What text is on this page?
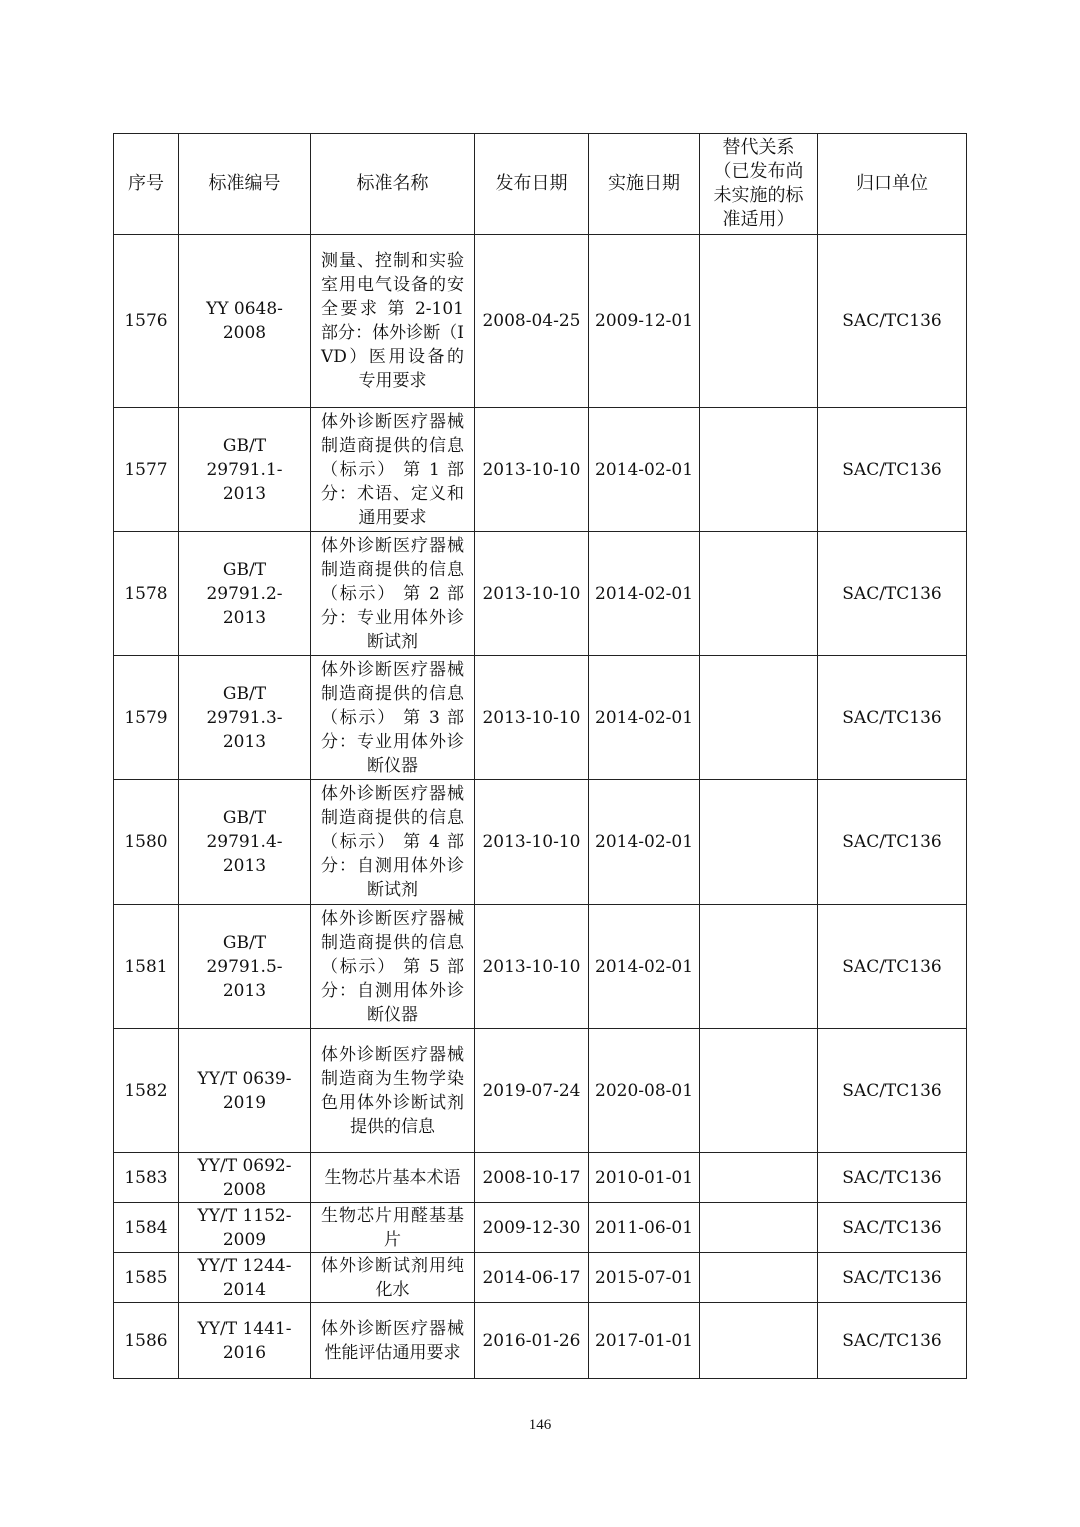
序号	标准编号	标准名称	发布日期	实施日期	替代关系（已发布尚未实施的标准适用）	归口单位
1576	YY 0648-2008	测量、控制和实验室用电气设备的安全要求 第 2-101 部分：体外诊断（IVD）医用设备的专用要求	2008-04-25	2009-12-01		SAC/TC136
1577	GB/T 29791.1-2013	体外诊断医疗器械 制造商提供的信息（标示） 第 1 部分：术语、定义和通用要求	2013-10-10	2014-02-01		SAC/TC136
1578	GB/T 29791.2-2013	体外诊断医疗器械 制造商提供的信息（标示） 第 2 部分：专业用体外诊断试剂	2013-10-10	2014-02-01		SAC/TC136
1579	GB/T 29791.3-2013	体外诊断医疗器械 制造商提供的信息（标示） 第 3 部分：专业用体外诊断仪器	2013-10-10	2014-02-01		SAC/TC136
1580	GB/T 29791.4-2013	体外诊断医疗器械 制造商提供的信息（标示） 第 4 部分：自测用体外诊断试剂	2013-10-10	2014-02-01		SAC/TC136
1581	GB/T 29791.5-2013	体外诊断医疗器械 制造商提供的信息（标示） 第 5 部分：自测用体外诊断仪器	2013-10-10	2014-02-01		SAC/TC136
1582	YY/T 0639-2019	体外诊断医疗器械 制造商为生物学染色用体外诊断试剂提供的信息	2019-07-24	2020-08-01		SAC/TC136
1583	YY/T 0692-2008	生物芯片基本术语	2008-10-17	2010-01-01		SAC/TC136
1584	YY/T 1152-2009	生物芯片用醛基基片	2009-12-30	2011-06-01		SAC/TC136
1585	YY/T 1244-2014	体外诊断试剂用纯化水	2014-06-17	2015-07-01		SAC/TC136
1586	YY/T 1441-2016	体外诊断医疗器械性能评估通用要求	2016-01-26	2017-01-01		SAC/TC136
146
